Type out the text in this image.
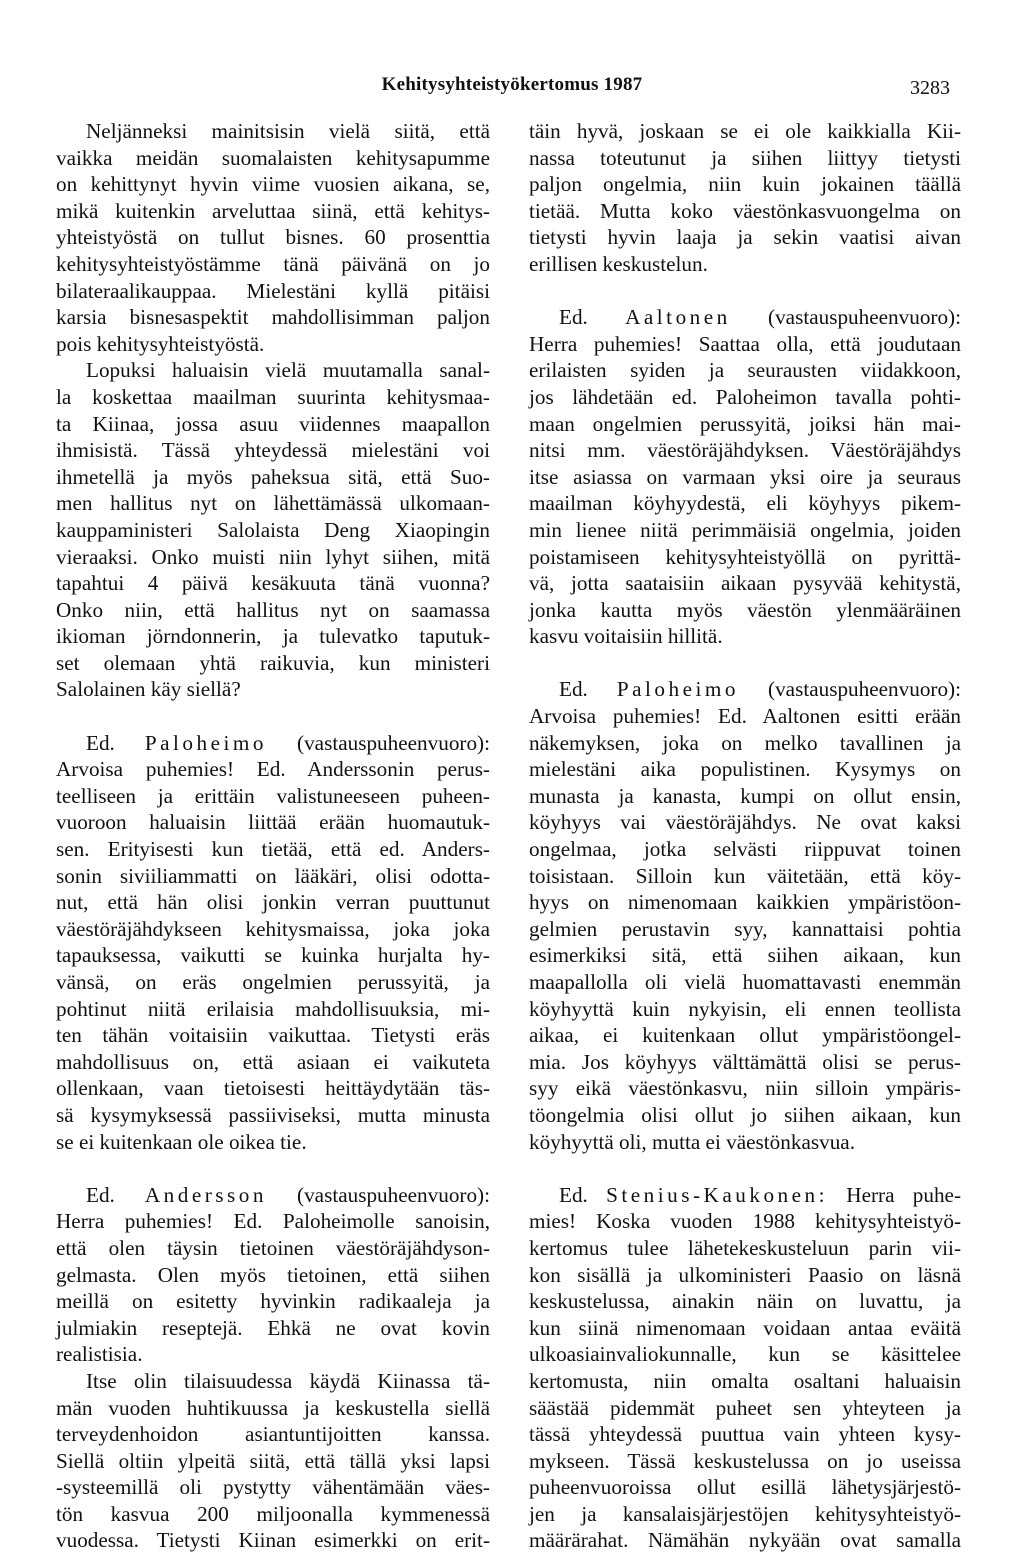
Kehitysyhteistyökertomus 1987	3283
Neljänneksi mainitsisin vielä siitä, että
vaikka meidän suomalaisten kehitysapumme
on kehittynyt hyvin viime vuosien aikana, se,
mikä kuitenkin arveluttaa siinä, että kehitys-
yhteistyöstä on tullut bisnes. 60 prosenttia
kehitysyhteistyöstämme tänä päivänä on jo
bilateraalikauppaa. Mielestäni kyllä pitäisi
karsia bisnesaspektit mahdollisimman paljon
pois kehitysyhteistyöstä.
Lopuksi haluaisin vielä muutamalla sanal-
la koskettaa maailman suurinta kehitysmaa-
ta Kiinaa, jossa asuu viidennes maapallon
ihmisistä. Tässä yhteydessä mielestäni voi
ihmetellä ja myös paheksua sitä, että Suo-
men hallitus nyt on lähettämässä ulkomaan-
kauppaministeri Salolaista Deng Xiaopingin
vieraaksi. Onko muisti niin lyhyt siihen, mitä
tapahtui 4 päivä kesäkuuta tänä vuonna?
Onko niin, että hallitus nyt on saamassa
ikioman jörndonnerin, ja tulevatko taputuk-
set olemaan yhtä raikuvia, kun ministeri
Salolainen käy siellä?
Ed. Paloheimo (vastauspuheenvuoro):
Arvoisa puhemies! Ed. Anderssonin perus-
teelliseen ja erittäin valistuneeseen puheen-
vuoroon haluaisin liittää erään huomautuk-
sen. Erityisesti kun tietää, että ed. Anders-
sonin siviiliammatti on lääkäri, olisi odotta-
nut, että hän olisi jonkin verran puuttunut
väestöräjähdykseen kehitysmaissa, joka joka
tapauksessa, vaikutti se kuinka hurjalta hy-
vänsä, on eräs ongelmien perussyitä, ja
pohtinut niitä erilaisia mahdollisuuksia, mi-
ten tähän voitaisiin vaikuttaa. Tietysti eräs
mahdollisuus on, että asiaan ei vaikuteta
ollenkaan, vaan tietoisesti heittäydytään täs-
sä kysymyksessä passiiviseksi, mutta minusta
se ei kuitenkaan ole oikea tie.
Ed. Andersson (vastauspuheenvuoro):
Herra puhemies! Ed. Paloheimolle sanoisin,
että olen täysin tietoinen väestöräjähdyson-
gelmasta. Olen myös tietoinen, että siihen
meillä on esitetty hyvinkin radikaaleja ja
julmiakin reseptejä. Ehkä ne ovat kovin
realistisia.
Itse olin tilaisuudessa käydä Kiinassa tä-
män vuoden huhtikuussa ja keskustella siellä
terveydenhoidon asiantuntijoitten kanssa.
Siellä oltiin ylpeitä siitä, että tällä yksi lapsi
-systeemillä oli pystytty vähentämään väes-
tön kasvua 200 miljoonalla kymmenessä
vuodessa. Tietysti Kiinan esimerkki on erit-
täin hyvä, joskaan se ei ole kaikkialla Kii-
nassa toteutunut ja siihen liittyy tietysti
paljon ongelmia, niin kuin jokainen täällä
tietää. Mutta koko väestönkasvuongelma on
tietysti hyvin laaja ja sekin vaatisi aivan
erillisen keskustelun.
Ed. Aaltonen (vastauspuheenvuoro):
Herra puhemies! Saattaa olla, että joudutaan
erilaisten syiden ja seurausten viidakkoon,
jos lähdetään ed. Paloheimon tavalla pohti-
maan ongelmien perussyitä, joiksi hän mai-
nitsi mm. väestöräjähdyksen. Väestöräjähdys
itse asiassa on varmaan yksi oire ja seuraus
maailman köyhyydestä, eli köyhyys pikem-
min lienee niitä perimmäisiä ongelmia, joiden
poistamiseen kehitysyhteistyöllä on pyrittä-
vä, jotta saataisiin aikaan pysyvää kehitystä,
jonka kautta myös väestön ylenmääräinen
kasvu voitaisiin hillitä.
Ed. Paloheimo (vastauspuheenvuoro):
Arvoisa puhemies! Ed. Aaltonen esitti erään
näkemyksen, joka on melko tavallinen ja
mielestäni aika populistinen. Kysymys on
munasta ja kanasta, kumpi on ollut ensin,
köyhyys vai väestöräjähdys. Ne ovat kaksi
ongelmaa, jotka selvästi riippuvat toinen
toisistaan. Silloin kun väitetään, että köy-
hyys on nimenomaan kaikkien ympäristöon-
gelmien perustavin syy, kannattaisi pohtia
esimerkiksi sitä, että siihen aikaan, kun
maapallolla oli vielä huomattavasti enemmän
köyhyyttä kuin nykyisin, eli ennen teollista
aikaa, ei kuitenkaan ollut ympäristöongel-
mia. Jos köyhyys välttämättä olisi se perus-
syy eikä väestönkasvu, niin silloin ympäris-
töongelmia olisi ollut jo siihen aikaan, kun
köyhyyttä oli, mutta ei väestönkasvua.
Ed. Stenius-Kaukonen: Herra puhe-
mies! Koska vuoden 1988 kehitysyhteistyö-
kertomus tulee lähetekeskusteluun parin vii-
kon sisällä ja ulkoministeri Paasio on läsnä
keskustelussa, ainakin näin on luvattu, ja
kun siinä nimenomaan voidaan antaa eväitä
ulkoasiainvaliokunnalle, kun se käsittelee
kertomusta, niin omalta osaltani haluaisin
säästää pidemmät puheet sen yhteyteen ja
tässä yhteydessä puuttua vain yhteen kysy-
mykseen. Tässä keskustelussa on jo useissa
puheenvuoroissa ollut esillä lähetysjärjestö-
jen ja kansalaisjärjestöjen kehitysyhteistyö-
määrärahat. Nämähän nykyään ovat samalla
